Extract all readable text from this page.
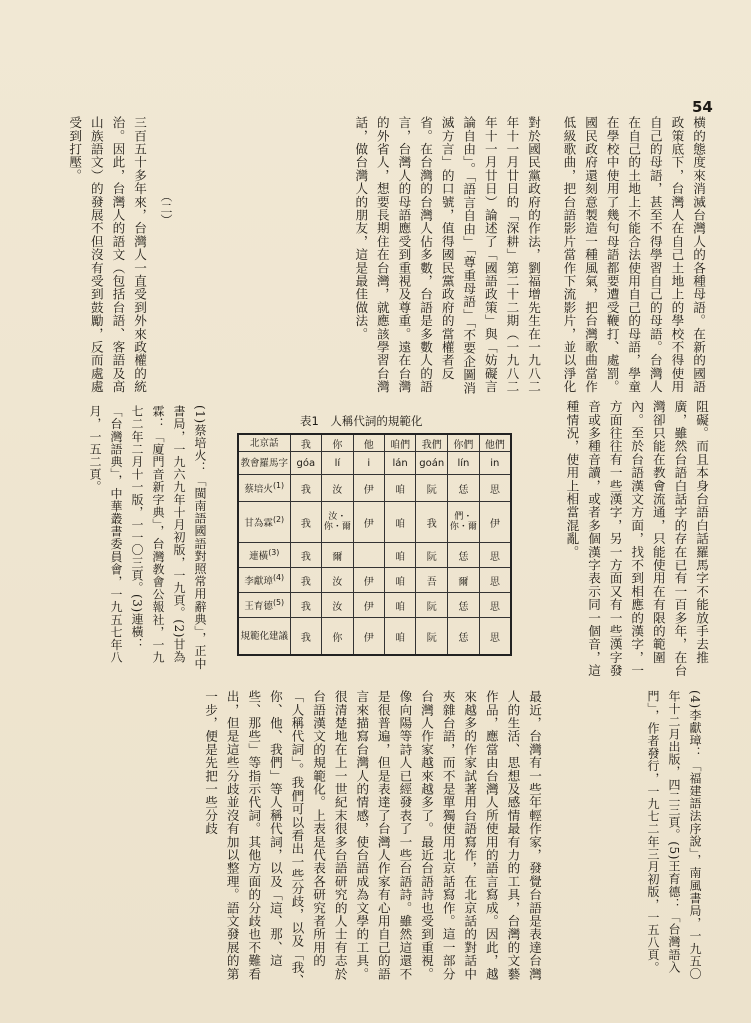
54

横的態度來消滅台灣人的各種母語。在新的國語政策底下，台灣人在自己土地上的學校不得使用自己的母語，甚至不得學習自己的母語。台灣人在自己的土地上不能合法使用自己的母語，學童在學校中使用了幾句母語都要遭受鞭打、處罰。國民政府還刻意製造一種風氣，把台灣歌曲當作低級歌曲，把台語影片當作下流影片，並以淨化

對於國民黨政府的作法，劉福增先生在一九八二年十一月廿日的「深耕」第二十二期（一九八二年十一月廿日）論述了「國語政策」與「妨礙言論自由」。「語言自由」「尊重母語」「不要企圖消滅方言」的口號，值得國民黨政府的當權者反省。在台灣的台灣人佔多數，台語是多數人的語言，台灣人的母語應受到重視及尊重。遠在台灣的外省人，想要長期住在台灣，就應該學習台灣話，做台灣人的朋友，這是最佳做法。

（二）

三百五十多年來，台灣人一直受到外來政權的統治。因此，台灣人的語文（包括台語、客語及高山族語文）的發展不但沒有受到鼓勵，反而處處受到打壓。

阻礙。而且本身台語白話羅馬字不能放手去推廣，雖然台語白話字的存在已有一百多年，在台灣卻只能在教會流通，只能使用在有限的範圍內。至於台語漢文方面，找不到相應的漢字，一方面往往有一些漢字，另一方面又有一些漢字發音或多種音讀，或者多個漢字表示同一個音，這種情況，使用上相當混亂。

表1　人稱代詞的規範化
北京話	我	你	他	咱們	我們	你們	他們
教會羅馬字	góa	lí	i	lán	goán	lín	in
蔡培火$^{(1)}$	我	汝	伊	咱	阮	恁	思
甘為霖$^{(2)}$	我	汝・你・爾	伊	咱	我	們・你・爾	伊
連橫$^{(3)}$	我	爾		咱	阮	恁	思
李獻璋$^{(4)}$	我	汝	伊	咱	吾	爾	思
王育德$^{(5)}$	我	汝	伊	咱	阮	恁	思
規範化建議	我	你	伊	咱	阮	恁	思

(1)蔡培火：「閩南語國語對照常用辭典」，正中書局，一九六九年十月初版，一九頁。(2)甘為霖：「廈門音新字典」，台灣教會公報社，一九七二年二月十一版，一一〇三頁。(3)連橫：「台灣語典」，中華叢書委員會，一九五七年八月，一五二頁。

(4)李獻璋：「福建語法序說」，南風書局，一九五〇年十二月出版，四二三頁。(5)王育德：「台灣語入門」，作者發行，一九七二年三月初版，一五八頁。

最近，台灣有一些年輕作家，發覺台語是表達台灣人的生活、思想及感情最有力的工具，台灣的文藝作品，應當由台灣人所使用的語言寫成。因此，越來越多的作家試著用台語寫作，在北京話的對話中夾雜台語，而不是單獨使用北京話寫作。這一部分台灣人作家越來越多了。最近台語詩也受到重視。像向陽等詩人已經發表了一些台語詩。雖然這還不是很普遍，但是表達了台灣人作家有心用自己的語言來描寫台灣人的情感，使台語成為文學的工具。很清楚地在上一世紀末很多台語研究的人士有志於台語漢文的規範化。上表是代表各研究者所用的「人稱代詞」。我們可以看出一些分歧，以及「我、你、他、我們」等人稱代詞，以及「這、那、這些、那些」等指示代詞。其他方面的分歧也不難看出，但是這些分歧並沒有加以整理。語文發展的第一步，便是先把一些分歧
